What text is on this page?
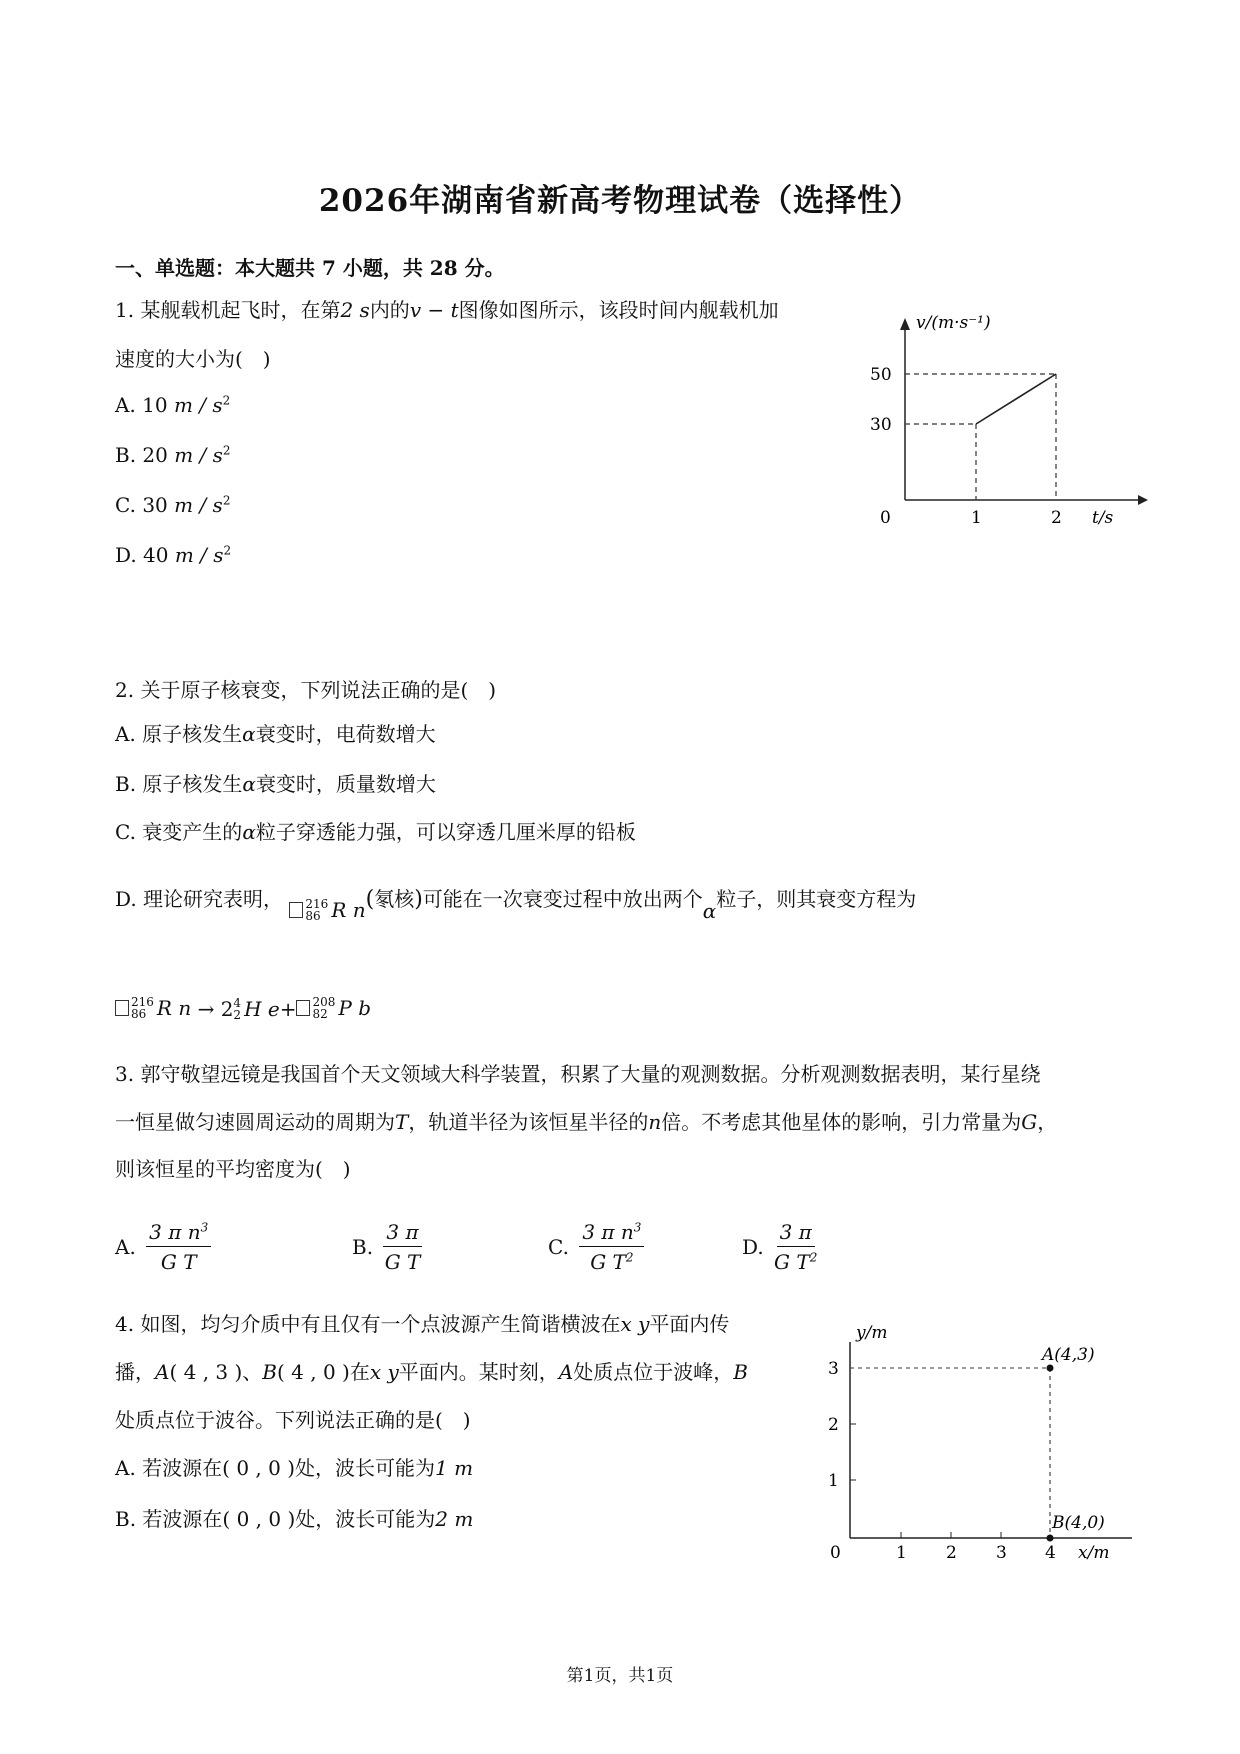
2026年湖南省新高考物理试卷（选择性）
一、单选题：本大题共 7 小题，共 28 分。
1. 某舰载机起飞时，在第2 s内的v − t图像如图所示，该段时间内舰载机加
速度的大小为( )
A. 10 m / $s^2$
B. 20 m / $s^2$
C. 30 m / $s^2$
D. 40 m / $s^2$
v/(m·s⁻¹)
50
30
0	1	2 t/s
2. 关于原子核衰变，下列说法正确的是( )
A. 原子核发生α衰变时，电荷数增大
B. 原子核发生α衰变时，质量数增大
C. 衰变产生的α粒子穿透能力强，可以穿透几厘米厚的铅板
D. 理论研究表明， 216
86 R n (氡核)可能在一次衰变过程中放出两个α粒子，则其衰变方程为
216
86 R n → 2 4
2 H e + 208
82 P b
3. 郭守敬望远镜是我国首个天文领域大科学装置，积累了大量的观测数据。分析观测数据表明，某行星绕
一恒星做匀速圆周运动的周期为T，轨道半径为该恒星半径的n倍。不考虑其他星体的影响，引力常量为G，
则该恒星的平均密度为( )
A. $\frac{3 \pi n^3}{\text{G T}}$	B. $\frac{3 \pi}{\text{G T}}$	C. $\frac{3 \pi n^3}{G T^2}$	D. $\frac{3 \pi}{G T^2}$
4. 如图，均匀介质中有且仅有一个点波源产生简谐横波在x y平面内传
播，A( 4 , 3 )、B( 4 , 0 )在x y平面内。某时刻，A处质点位于波峰，B
处质点位于波谷。下列说法正确的是( )
A. 若波源在( 0 , 0 )处，波长可能为1 m
B. 若波源在( 0 , 0 )处，波长可能为2 m
y/m
3
2
1
0	1 2 3 4 x/m
A(4,3)
B(4,0)
第1页，共1页
